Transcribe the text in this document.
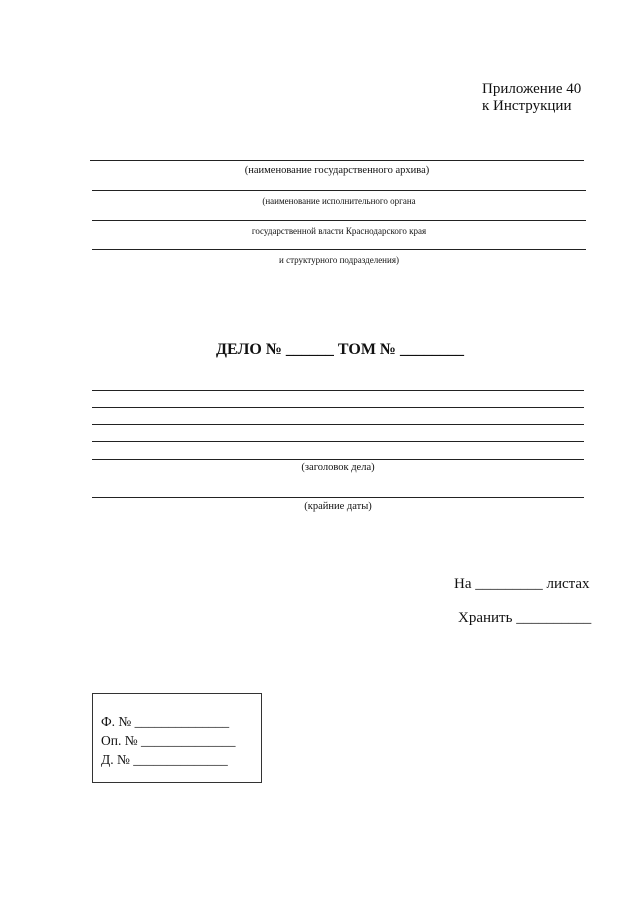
Приложение 40
к Инструкции
(наименование государственного архива)
(наименование исполнительного органа
государственной власти Краснодарского края
и структурного подразделения)
ДЕЛО № ______ ТОМ № ________
(заголовок дела)
(крайние даты)
На _________ листах
Хранить __________
Ф. № ______________
Оп. № ______________
Д. № ______________
